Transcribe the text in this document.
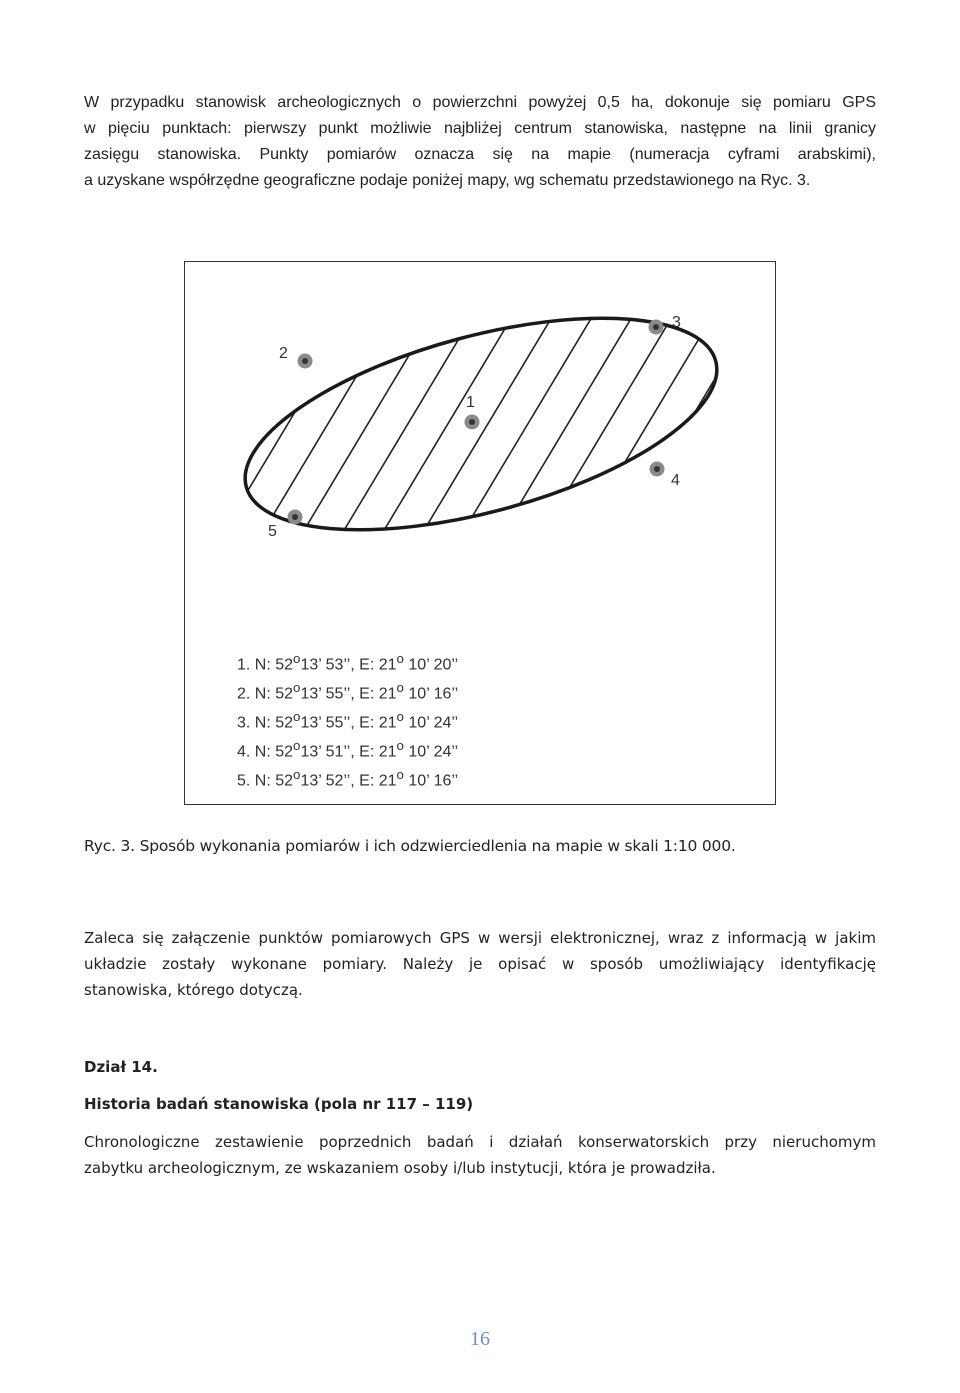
W przypadku stanowisk archeologicznych o powierzchni powyżej 0,5 ha, dokonuje się pomiaru GPS
w pięciu punktach: pierwszy punkt możliwie najbliżej centrum stanowiska, następne na linii granicy
zasięgu stanowiska. Punkty pomiarów oznacza się na mapie (numeracja cyframi arabskimi),
a uzyskane współrzędne geograficzne podaje poniżej mapy, wg schematu przedstawionego na Ryc. 3.

1
2
3
4
5
1. N: 52$^o$13’ 53’’, E: 21$^o$ 10’ 20’’
2. N: 52$^o$13’ 55’’, E: 21$^o$ 10’ 16’’
3. N: 52$^o$13’ 55’’, E: 21$^o$ 10’ 24’’
4. N: 52$^o$13’ 51’’, E: 21$^o$ 10’ 24’’
5. N: 52$^o$13’ 52’’, E: 21$^o$ 10’ 16’’
Ryc. 3. Sposób wykonania pomiarów i ich odzwierciedlenia na mapie w skali 1:10 000.

Zaleca się załączenie punktów pomiarowych GPS w wersji elektronicznej, wraz z informacją w jakim
układzie zostały wykonane pomiary. Należy je opisać w sposób umożliwiający identyfikację
stanowiska, którego dotyczą.

Dział 14.
Historia badań stanowiska (pola nr 117 – 119)

Chronologiczne zestawienie poprzednich badań i działań konserwatorskich przy nieruchomym
zabytku archeologicznym, ze wskazaniem osoby i/lub instytucji, która je prowadziła.

16
